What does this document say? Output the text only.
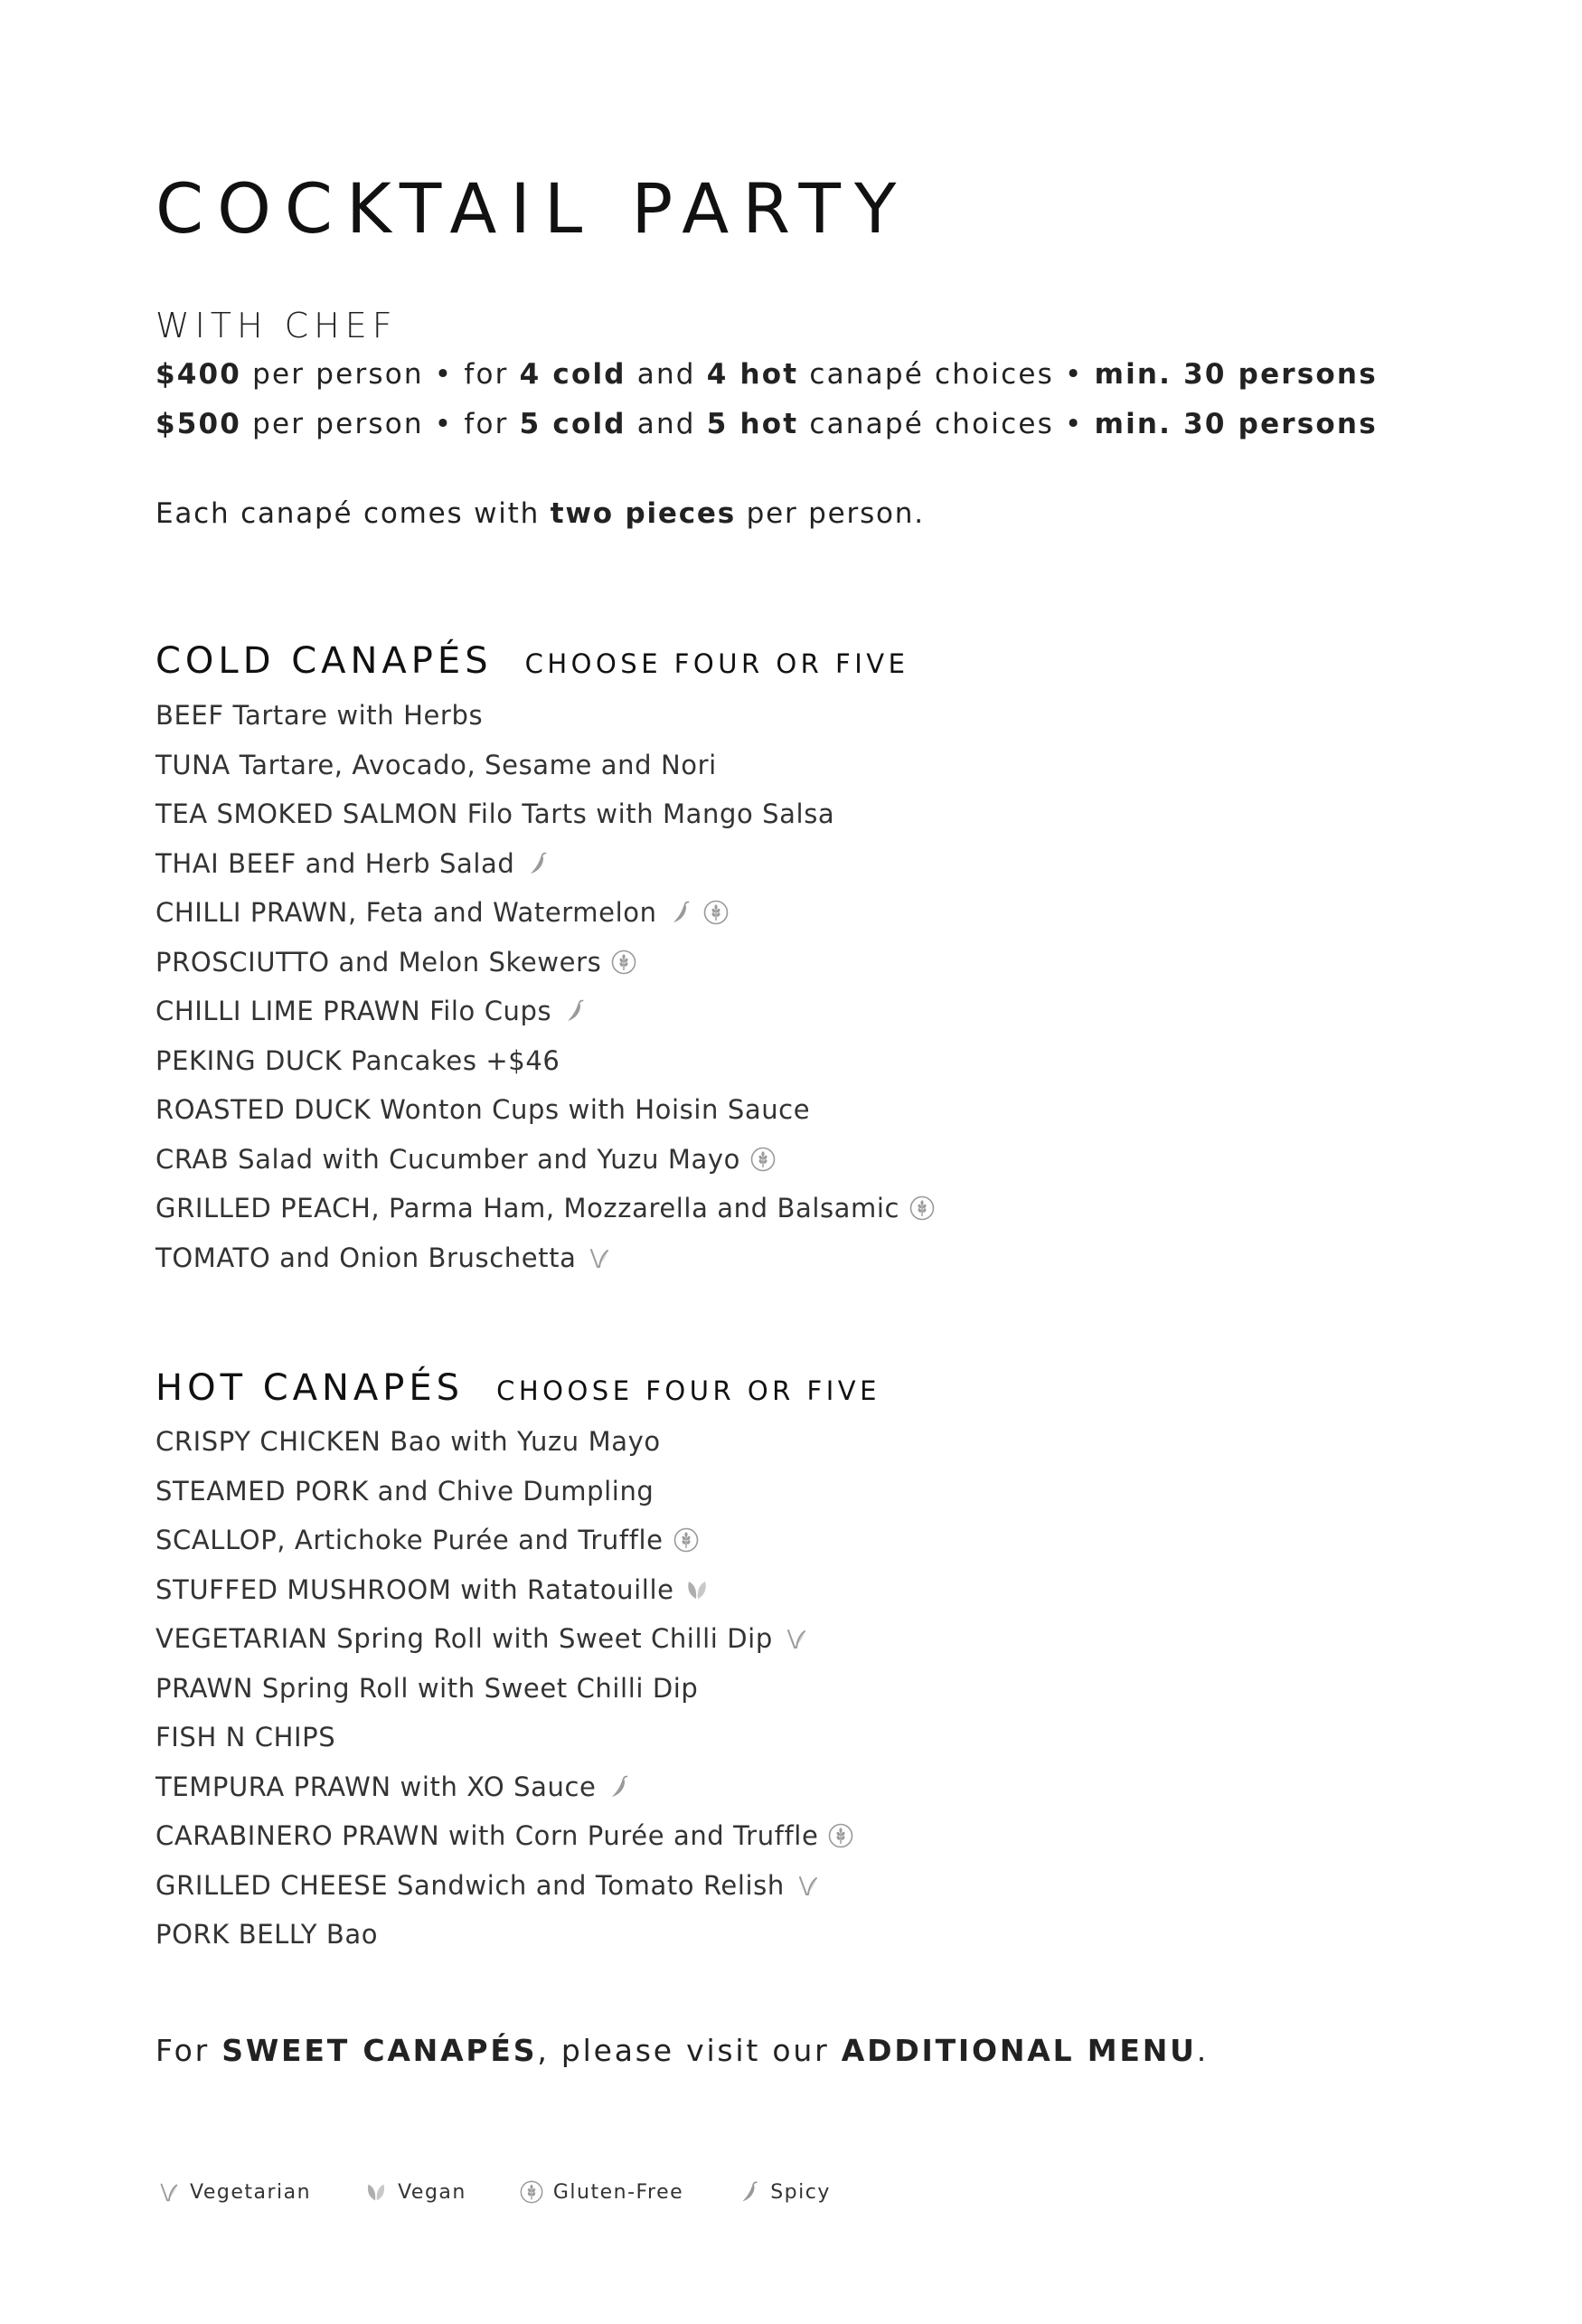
COCKTAIL PARTY
WITH CHEF
$400 per person • for 4 cold and 4 hot canapé choices • min. 30 persons
$500 per person • for 5 cold and 5 hot canapé choices • min. 30 persons
Each canapé comes with two pieces per person.
COLD CANAPÉS CHOOSE FOUR OR FIVE
BEEF Tartare with Herbs
TUNA Tartare, Avocado, Sesame and Nori
TEA SMOKED SALMON Filo Tarts with Mango Salsa
THAI BEEF and Herb Salad
CHILLI PRAWN, Feta and Watermelon
PROSCIUTTO and Melon Skewers
CHILLI LIME PRAWN Filo Cups
PEKING DUCK Pancakes +$46
ROASTED DUCK Wonton Cups with Hoisin Sauce
CRAB Salad with Cucumber and Yuzu Mayo
GRILLED PEACH, Parma Ham, Mozzarella and Balsamic
TOMATO and Onion Bruschetta
HOT CANAPÉS CHOOSE FOUR OR FIVE
CRISPY CHICKEN Bao with Yuzu Mayo
STEAMED PORK and Chive Dumpling
SCALLOP, Artichoke Purée and Truffle
STUFFED MUSHROOM with Ratatouille
VEGETARIAN Spring Roll with Sweet Chilli Dip
PRAWN Spring Roll with Sweet Chilli Dip
FISH N CHIPS
TEMPURA PRAWN with XO Sauce
CARABINERO PRAWN with Corn Purée and Truffle
GRILLED CHEESE Sandwich and Tomato Relish
PORK BELLY Bao
For SWEET CANAPÉS, please visit our ADDITIONAL MENU.
Vegetarian	Vegan	Gluten-Free	Spicy
